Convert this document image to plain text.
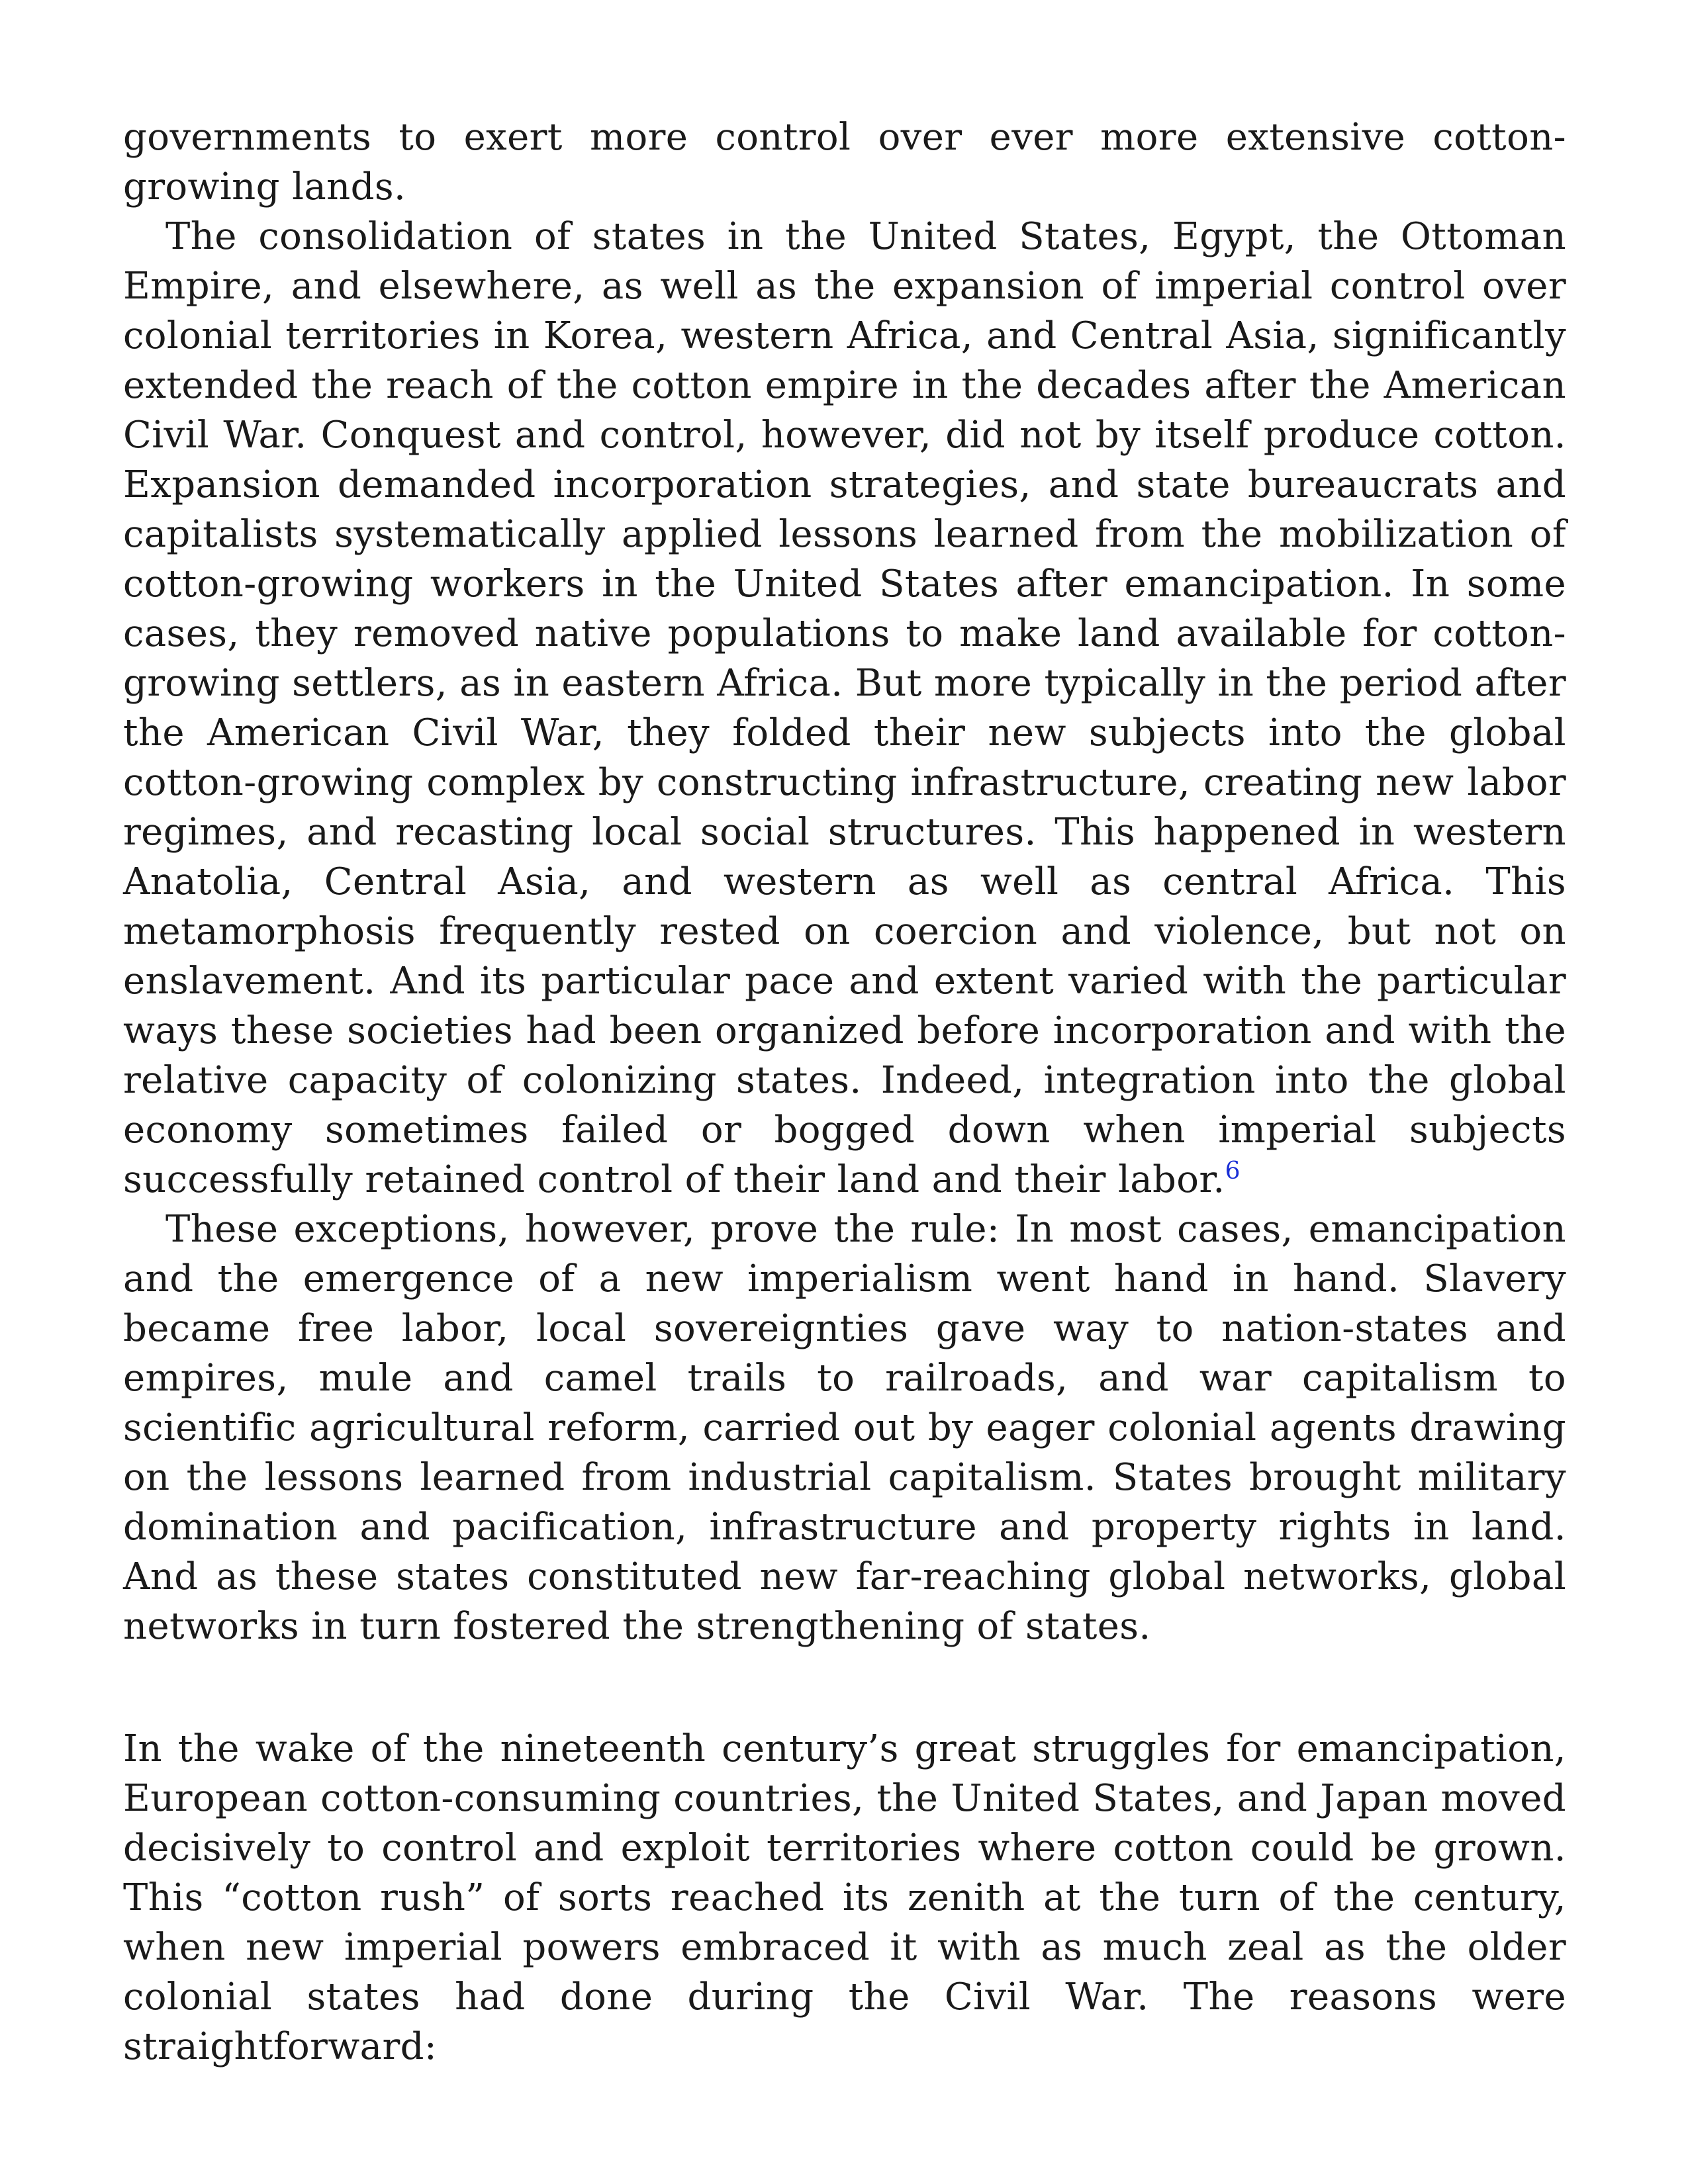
governments to exert more control over ever more extensive cotton-growing lands.

The consolidation of states in the United States, Egypt, the Ottoman Empire, and elsewhere, as well as the expansion of imperial control over colonial territories in Korea, western Africa, and Central Asia, significantly extended the reach of the cotton empire in the decades after the American Civil War. Conquest and control, however, did not by itself produce cotton. Expansion demanded incorporation strategies, and state bureaucrats and capitalists systematically applied lessons learned from the mobilization of cotton-growing workers in the United States after emancipation. In some cases, they removed native populations to make land available for cotton-growing settlers, as in eastern Africa. But more typically in the period after the American Civil War, they folded their new subjects into the global cotton-growing complex by constructing infrastructure, creating new labor regimes, and recasting local social structures. This happened in western Anatolia, Central Asia, and western as well as central Africa. This metamorphosis frequently rested on coercion and violence, but not on enslavement. And its particular pace and extent varied with the particular ways these societies had been organized before incorporation and with the relative capacity of colonizing states. Indeed, integration into the global economy sometimes failed or bogged down when imperial subjects successfully retained control of their land and their labor.$^6$

These exceptions, however, prove the rule: In most cases, emancipation and the emergence of a new imperialism went hand in hand. Slavery became free labor, local sovereignties gave way to nation-states and empires, mule and camel trails to railroads, and war capitalism to scientific agricultural reform, carried out by eager colonial agents drawing on the lessons learned from industrial capitalism. States brought military domination and pacification, infrastructure and property rights in land. And as these states constituted new far-reaching global networks, global networks in turn fostered the strengthening of states.

In the wake of the nineteenth century’s great struggles for emancipation, European cotton-consuming countries, the United States, and Japan moved decisively to control and exploit territories where cotton could be grown. This “cotton rush” of sorts reached its zenith at the turn of the century, when new imperial powers embraced it with as much zeal as the older colonial states had done during the Civil War. The reasons were straightforward:
